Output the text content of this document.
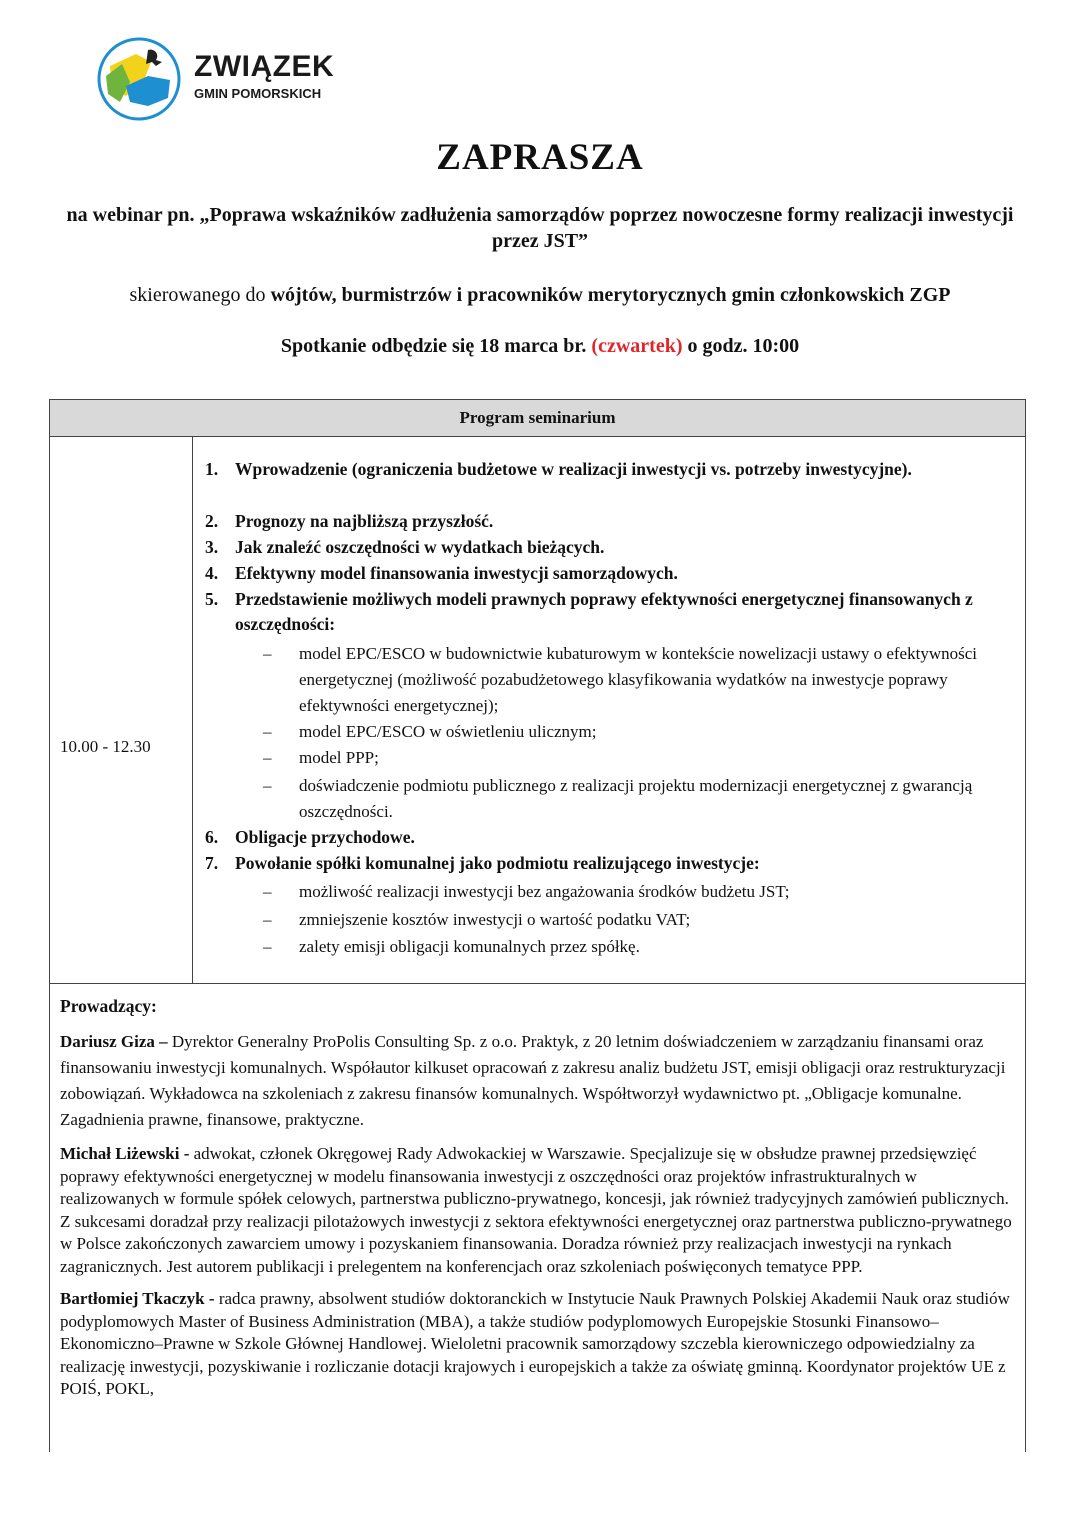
ZWIĄZEK
GMIN POMORSKICH
ZAPRASZA
na webinar pn. „Poprawa wskaźników zadłużenia samorządów poprzez nowoczesne formy realizacji inwestycji przez JST”
skierowanego do wójtów, burmistrzów i pracowników merytorycznych gmin członkowskich ZGP
Spotkanie odbędzie się 18 marca br. (czwartek) o godz. 10:00
Program seminarium
10.00 - 12.30
1. Wprowadzenie (ograniczenia budżetowe w realizacji inwestycji vs. potrzeby inwestycyjne).
2. Prognozy na najbliższą przyszłość.
3. Jak znaleźć oszczędności w wydatkach bieżących.
4. Efektywny model finansowania inwestycji samorządowych.
5. Przedstawienie możliwych modeli prawnych poprawy efektywności energetycznej finansowanych z oszczędności:
– model EPC/ESCO w budownictwie kubaturowym w kontekście nowelizacji ustawy o efektywności energetycznej (możliwość pozabudżetowego klasyfikowania wydatków na inwestycje poprawy efektywności energetycznej);
– model EPC/ESCO w oświetleniu ulicznym;
– model PPP;
– doświadczenie podmiotu publicznego z realizacji projektu modernizacji energetycznej z gwarancją oszczędności.
6. Obligacje przychodowe.
7. Powołanie spółki komunalnej jako podmiotu realizującego inwestycje:
– możliwość realizacji inwestycji bez angażowania środków budżetu JST;
– zmniejszenie kosztów inwestycji o wartość podatku VAT;
– zalety emisji obligacji komunalnych przez spółkę.
Prowadzący:

Dariusz Giza – Dyrektor Generalny ProPolis Consulting Sp. z o.o. Praktyk, z 20 letnim doświadczeniem w zarządzaniu finansami oraz finansowaniu inwestycji komunalnych. Współautor kilkuset opracowań z zakresu analiz budżetu JST, emisji obligacji oraz restrukturyzacji zobowiązań. Wykładowca na szkoleniach z zakresu finansów komunalnych. Współtworzył wydawnictwo pt. „Obligacje komunalne. Zagadnienia prawne, finansowe, praktyczne.

Michał Liżewski - adwokat, członek Okręgowej Rady Adwokackiej w Warszawie. Specjalizuje się w obsłudze prawnej przedsięwzięć poprawy efektywności energetycznej w modelu finansowania inwestycji z oszczędności oraz projektów infrastrukturalnych w realizowanych w formule spółek celowych, partnerstwa publiczno-prywatnego, koncesji, jak również tradycyjnych zamówień publicznych. Z sukcesami doradzał przy realizacji pilotażowych inwestycji z sektora efektywności energetycznej oraz partnerstwa publiczno-prywatnego w Polsce zakończonych zawarciem umowy i pozyskaniem finansowania. Doradza również przy realizacjach inwestycji na rynkach zagranicznych. Jest autorem publikacji i prelegentem na konferencjach oraz szkoleniach poświęconych tematyce PPP.

Bartłomiej Tkaczyk - radca prawny, absolwent studiów doktoranckich w Instytucie Nauk Prawnych Polskiej Akademii Nauk oraz studiów podyplomowych Master of Business Administration (MBA), a także studiów podyplomowych Europejskie Stosunki Finansowo–Ekonomiczno–Prawne w Szkole Głównej Handlowej. Wieloletni pracownik samorządowy szczebla kierowniczego odpowiedzialny za realizację inwestycji, pozyskiwanie i rozliczanie dotacji krajowych i europejskich a także za oświatę gminną. Koordynator projektów UE z POIŚ, POKL,
